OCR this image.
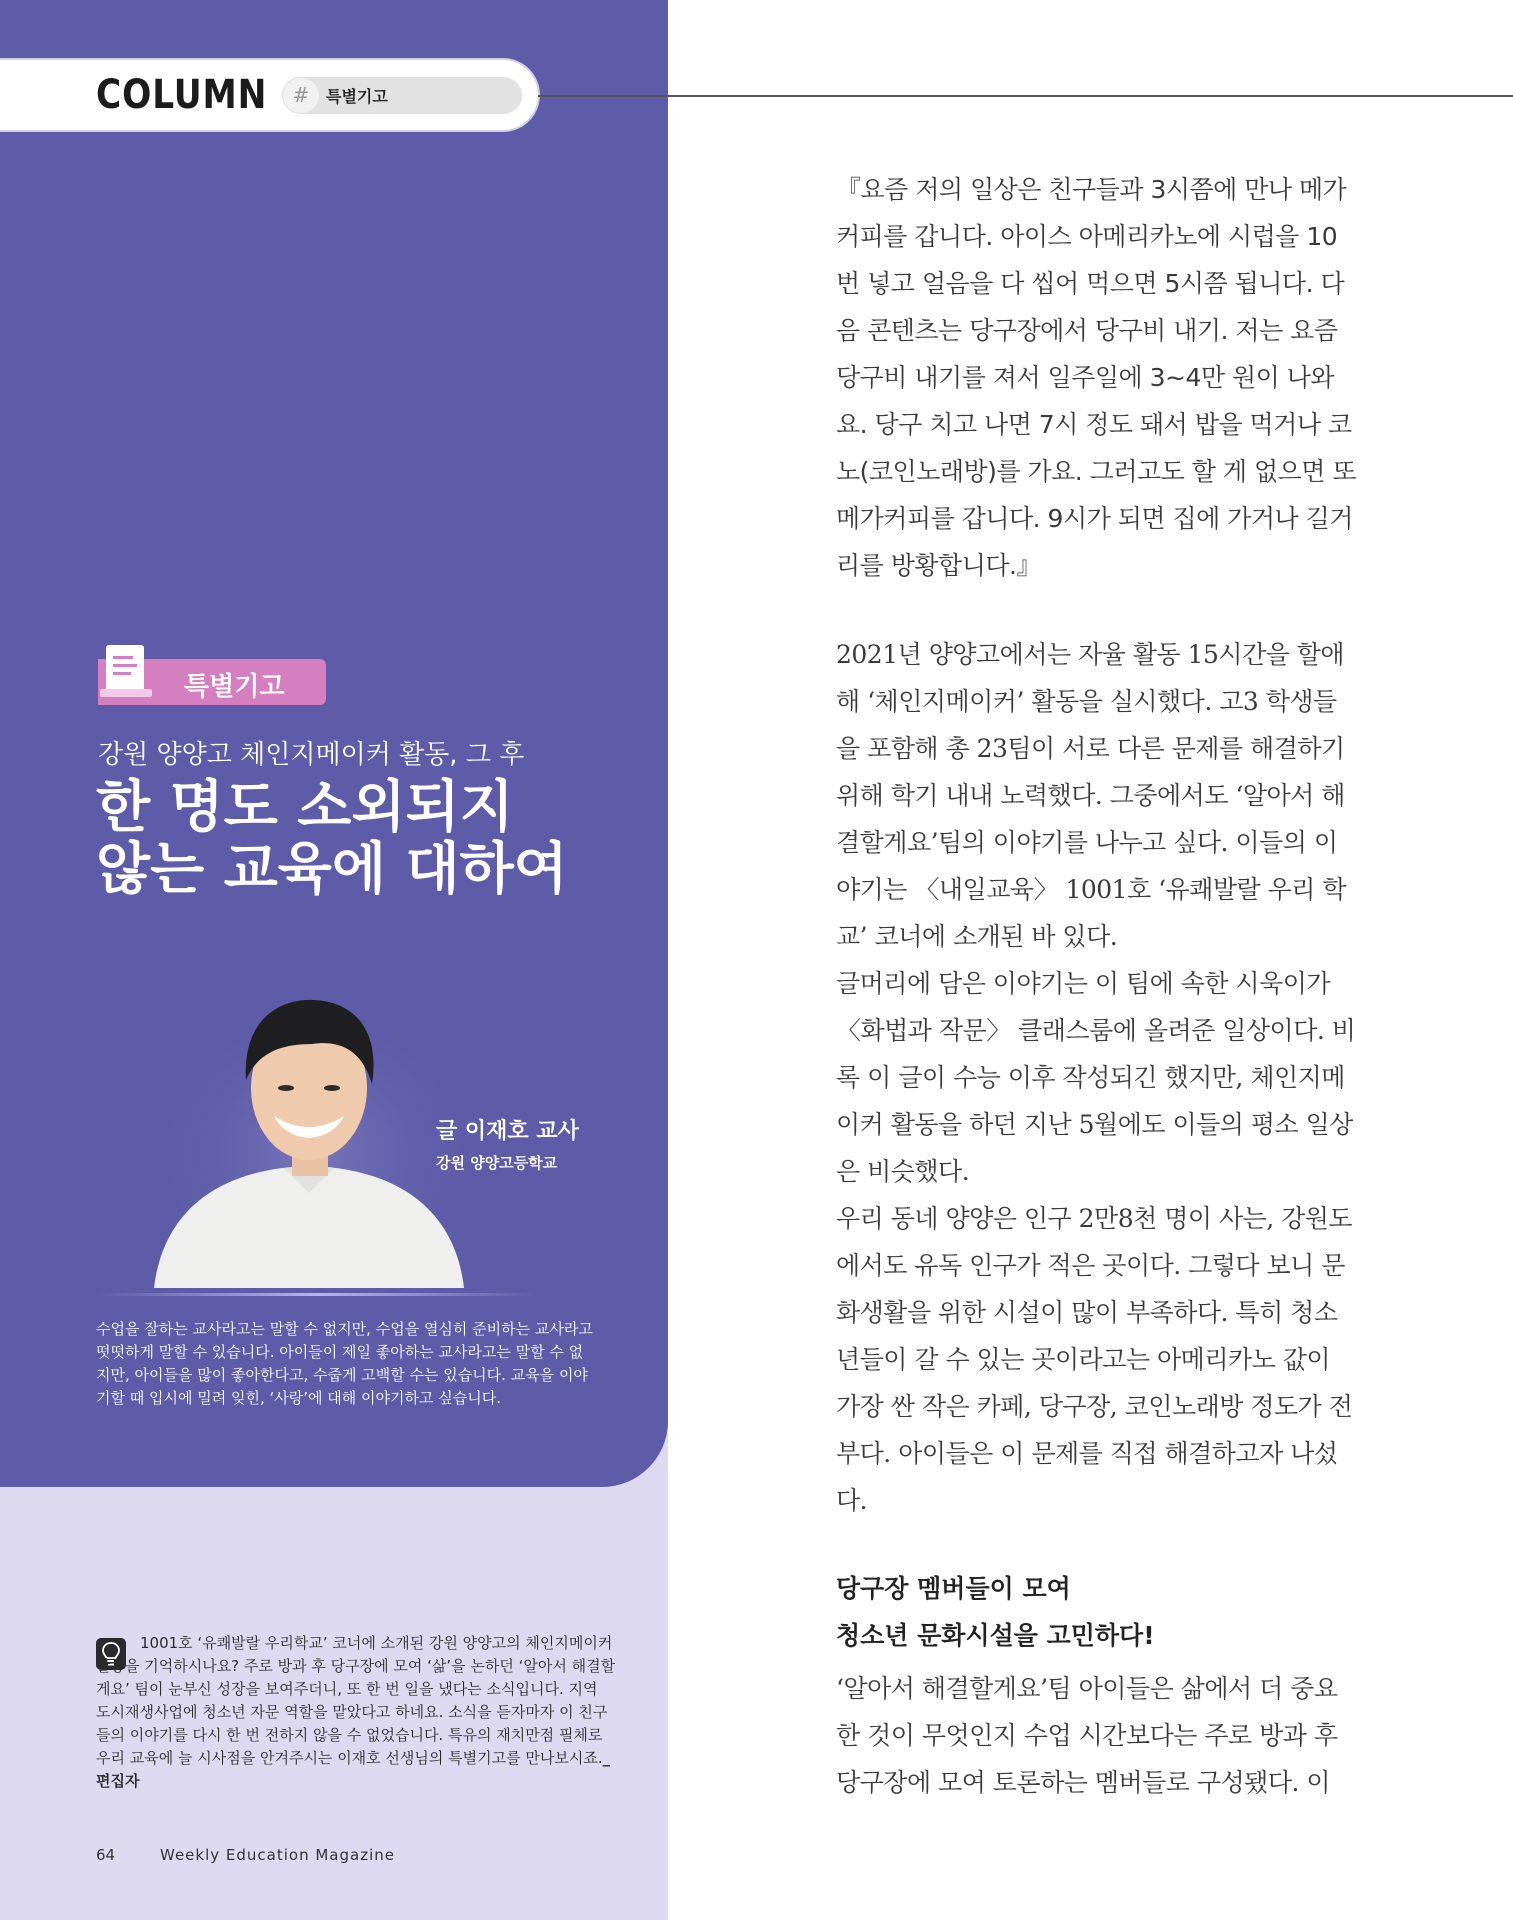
COLUMN	#	특별기고
특별기고
강원 양양고 체인지메이커 활동, 그 후
한 명도 소외되지
않는 교육에 대하여
글 이재호 교사
강원 양양고등학교
수업을 잘하는 교사라고는 말할 수 없지만, 수업을 열심히 준비하는 교사라고 떳떳하게 말할 수 있습니다. 아이들이 제일 좋아하는 교사라고는 말할 수 없지만, 아이들을 많이 좋아한다고, 수줍게 고백할 수는 있습니다. 교육을 이야기할 때 입시에 밀려 잊힌, ‘사랑’에 대해 이야기하고 싶습니다.
1001호 ‘유쾌발랄 우리학교’ 코너에 소개된 강원 양양고의 체인지메이커 활동을 기억하시나요? 주로 방과 후 당구장에 모여 ‘삶’을 논하던 ‘알아서 해결할게요’ 팀이 눈부신 성장을 보여주더니, 또 한 번 일을 냈다는 소식입니다. 지역 도시재생사업에 청소년 자문 역할을 맡았다고 하네요. 소식을 듣자마자 이 친구들의 이야기를 다시 한 번 전하지 않을 수 없었습니다. 특유의 재치만점 필체로 우리 교육에 늘 시사점을 안겨주시는 이재호 선생님의 특별기고를 만나보시죠._ 편집자
64	Weekly Education Magazine
『요즘 저의 일상은 친구들과 3시쯤에 만나 메가커피를 갑니다. 아이스 아메리카노에 시럽을 10번 넣고 얼음을 다 씹어 먹으면 5시쯤 됩니다. 다음 콘텐츠는 당구장에서 당구비 내기. 저는 요즘 당구비 내기를 져서 일주일에 3~4만 원이 나와요. 당구 치고 나면 7시 정도 돼서 밥을 먹거나 코노(코인노래방)를 가요. 그러고도 할 게 없으면 또 메가커피를 갑니다. 9시가 되면 집에 가거나 길거리를 방황합니다.』

2021년 양양고에서는 자율 활동 15시간을 할애해 ‘체인지메이커’ 활동을 실시했다. 고3 학생들을 포함해 총 23팀이 서로 다른 문제를 해결하기 위해 학기 내내 노력했다. 그중에서도 ‘알아서 해결할게요’팀의 이야기를 나누고 싶다. 이들의 이야기는 〈내일교육〉 1001호 ‘유쾌발랄 우리 학교’ 코너에 소개된 바 있다.

글머리에 담은 이야기는 이 팀에 속한 시욱이가 〈화법과 작문〉 클래스룸에 올려준 일상이다. 비록 이 글이 수능 이후 작성되긴 했지만, 체인지메이커 활동을 하던 지난 5월에도 이들의 평소 일상은 비슷했다.

우리 동네 양양은 인구 2만8천 명이 사는, 강원도에서도 유독 인구가 적은 곳이다. 그렇다 보니 문화생활을 위한 시설이 많이 부족하다. 특히 청소년들이 갈 수 있는 곳이라고는 아메리카노 값이 가장 싼 작은 카페, 당구장, 코인노래방 정도가 전부다. 아이들은 이 문제를 직접 해결하고자 나섰다.

당구장 멤버들이 모여
청소년 문화시설을 고민하다!
‘알아서 해결할게요’팀 아이들은 삶에서 더 중요한 것이 무엇인지 수업 시간보다는 주로 방과 후 당구장에 모여 토론하는 멤버들로 구성됐다. 이
